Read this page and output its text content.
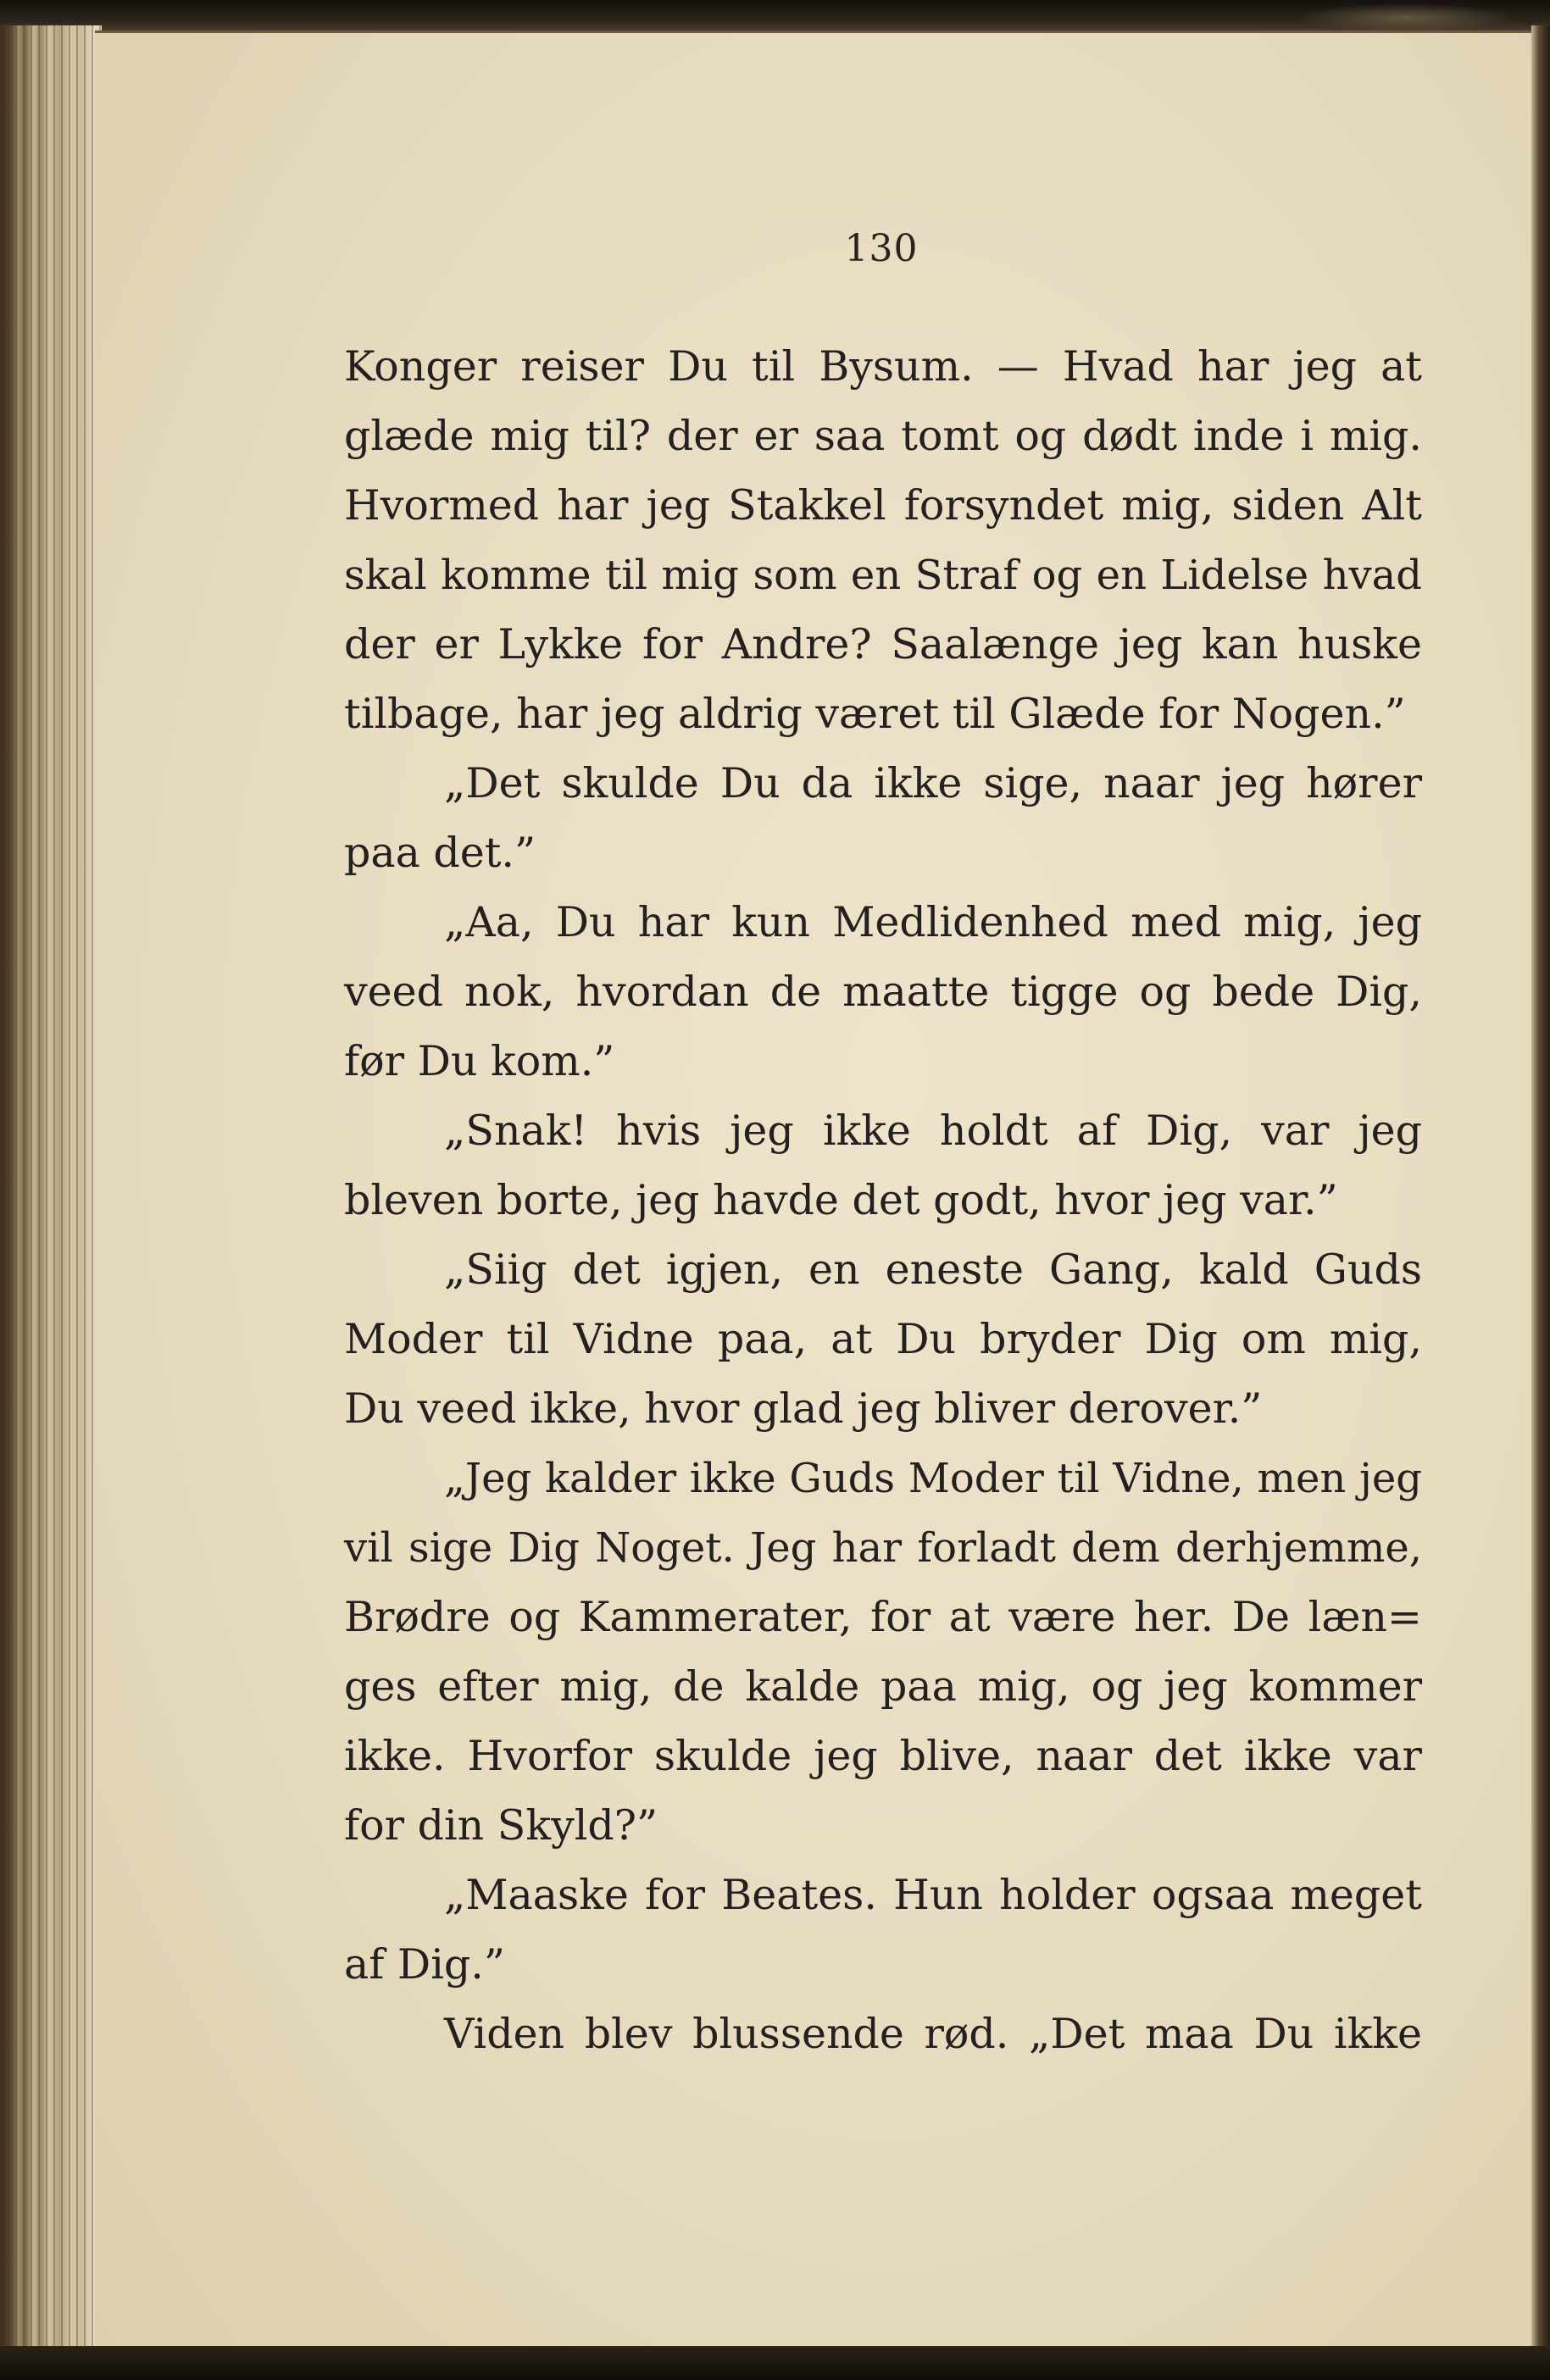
130
Konger reiser Du til Bysum. — Hvad har jeg at
glæde mig til? der er saa tomt og dødt inde i mig.
Hvormed har jeg Stakkel forsyndet mig, siden Alt
skal komme til mig som en Straf og en Lidelse hvad
der er Lykke for Andre? Saalænge jeg kan huske
tilbage, har jeg aldrig været til Glæde for Nogen.”
„Det skulde Du da ikke sige, naar jeg hører
paa det.”
„Aa, Du har kun Medlidenhed med mig, jeg
veed nok, hvordan de maatte tigge og bede Dig,
før Du kom.”
„Snak! hvis jeg ikke holdt af Dig, var jeg
bleven borte, jeg havde det godt, hvor jeg var.”
„Siig det igjen, en eneste Gang, kald Guds
Moder til Vidne paa, at Du bryder Dig om mig,
Du veed ikke, hvor glad jeg bliver derover.”
„Jeg kalder ikke Guds Moder til Vidne, men jeg
vil sige Dig Noget. Jeg har forladt dem derhjemme,
Brødre og Kammerater, for at være her. De læn=
ges efter mig, de kalde paa mig, og jeg kommer
ikke. Hvorfor skulde jeg blive, naar det ikke var
for din Skyld?”
„Maaske for Beates. Hun holder ogsaa meget
af Dig.”
Viden blev blussende rød. „Det maa Du ikke
